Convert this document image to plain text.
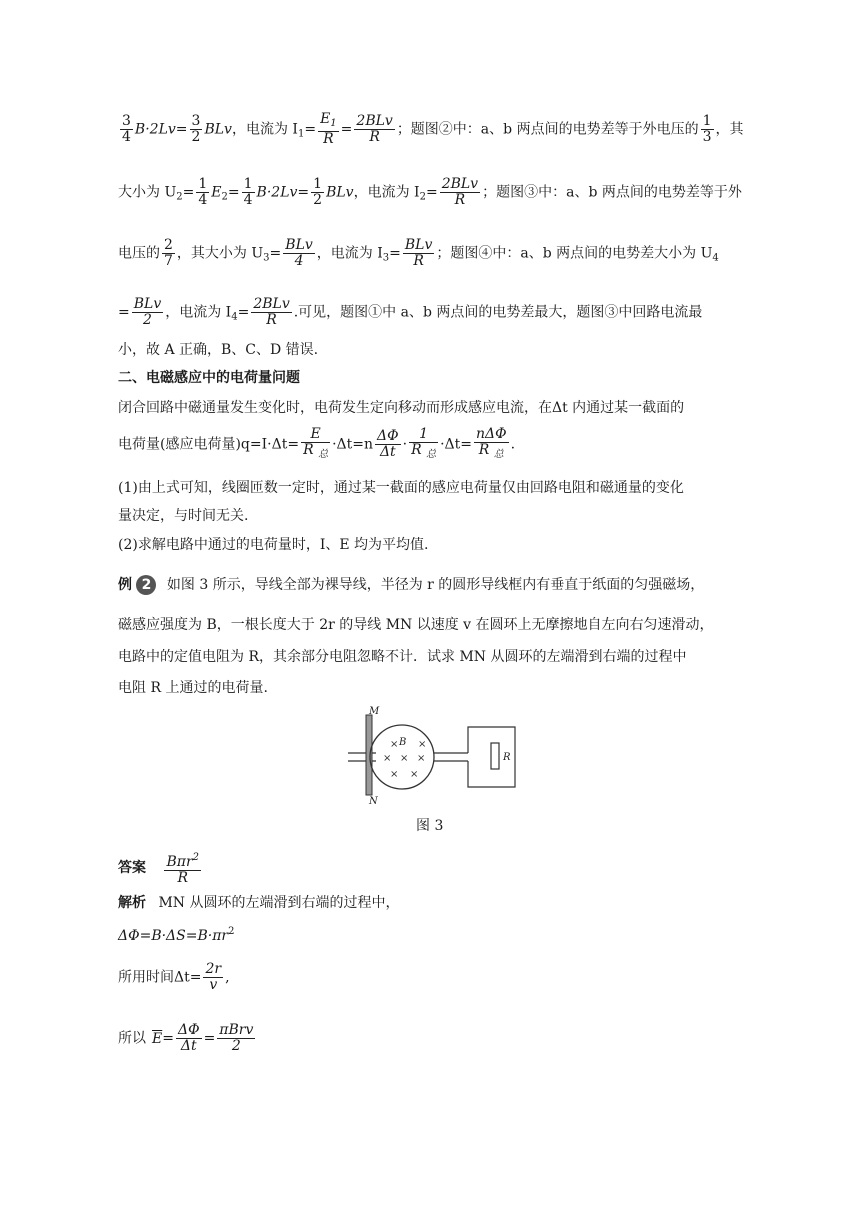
$\frac{3}{4} B\cdot 2Lv= \frac{3}{2}$ BLv，电流为 $I_1= \frac{E_1}{R} = \frac{\text{2BLv}}{R}$ ；题图②中：a、b 两点间的电势差等于外电压的 $\frac{1}{3}$ ，其
大小为 $U_2= \frac{1}{4} E_2= \frac{1}{4} B\cdot 2Lv= \frac{1}{2}$ BLv，电流为 $I_2= \frac{\text{2BLv}}{R}$ ；题图③中：a、b 两点间的电势差等于外
电压的 $\frac{2}{7}$ ，其大小为 $U_3= \frac{\text{BLv}}{4}$ ，电流为 $I_3= \frac{\text{BLv}}{R}$ ；题图④中：a、b 两点间的电势差大小为 $U_4$
= $\frac{\text{BLv}}{2}$ ，电流为 $I_4= \frac{\text{2BLv}}{R}$ .可见，题图①中 a、b 两点间的电势差最大，题图③中回路电流最
小，故 A 正确，B、C、D 错误.
二、电磁感应中的电荷量问题
闭合回路中磁通量发生变化时，电荷发生定向移动而形成感应电流，在Δt 内通过某一截面的
电荷量(感应电荷量)$q=I\cdot\Delta t= \frac{E}{R _总} \cdot\Delta t=n \frac{\Delta\Phi}{\Delta t} \cdot \frac{1}{R _总} \cdot\Delta t= \frac{\text{nΔΦ}}{R _总}$ .
(1)由上式可知，线圈匝数一定时，通过某一截面的感应电荷量仅由回路电阻和磁通量的变化
量决定，与时间无关.
(2)求解电路中通过的电荷量时，I、E 均为平均值.
例 2 如图 3 所示，导线全部为裸导线，半径为 r 的圆形导线框内有垂直于纸面的匀强磁场，
磁感应强度为 B，一根长度大于 2r 的导线 MN 以速度 v 在圆环上无摩擦地自左向右匀速滑动，
电路中的定值电阻为 R，其余部分电阻忽略不计．试求 MN 从圆环的左端滑到右端的过程中
电阻 R 上通过的电荷量.
× ×
× × ×
× ×
M
N
B
R
图 3
答案 $\frac{B\pi r^2}{R}$
解析 MN 从圆环的左端滑到右端的过程中，
$\Delta\Phi=B\cdot\Delta S=B\cdot\pi r^2$
所用时间$\Delta t= \frac{2r}{v}$ ,
所以 $\overline{E}= \frac{\Delta\Phi}{\Delta t} = \frac{\text{πBrv}}{2}$
